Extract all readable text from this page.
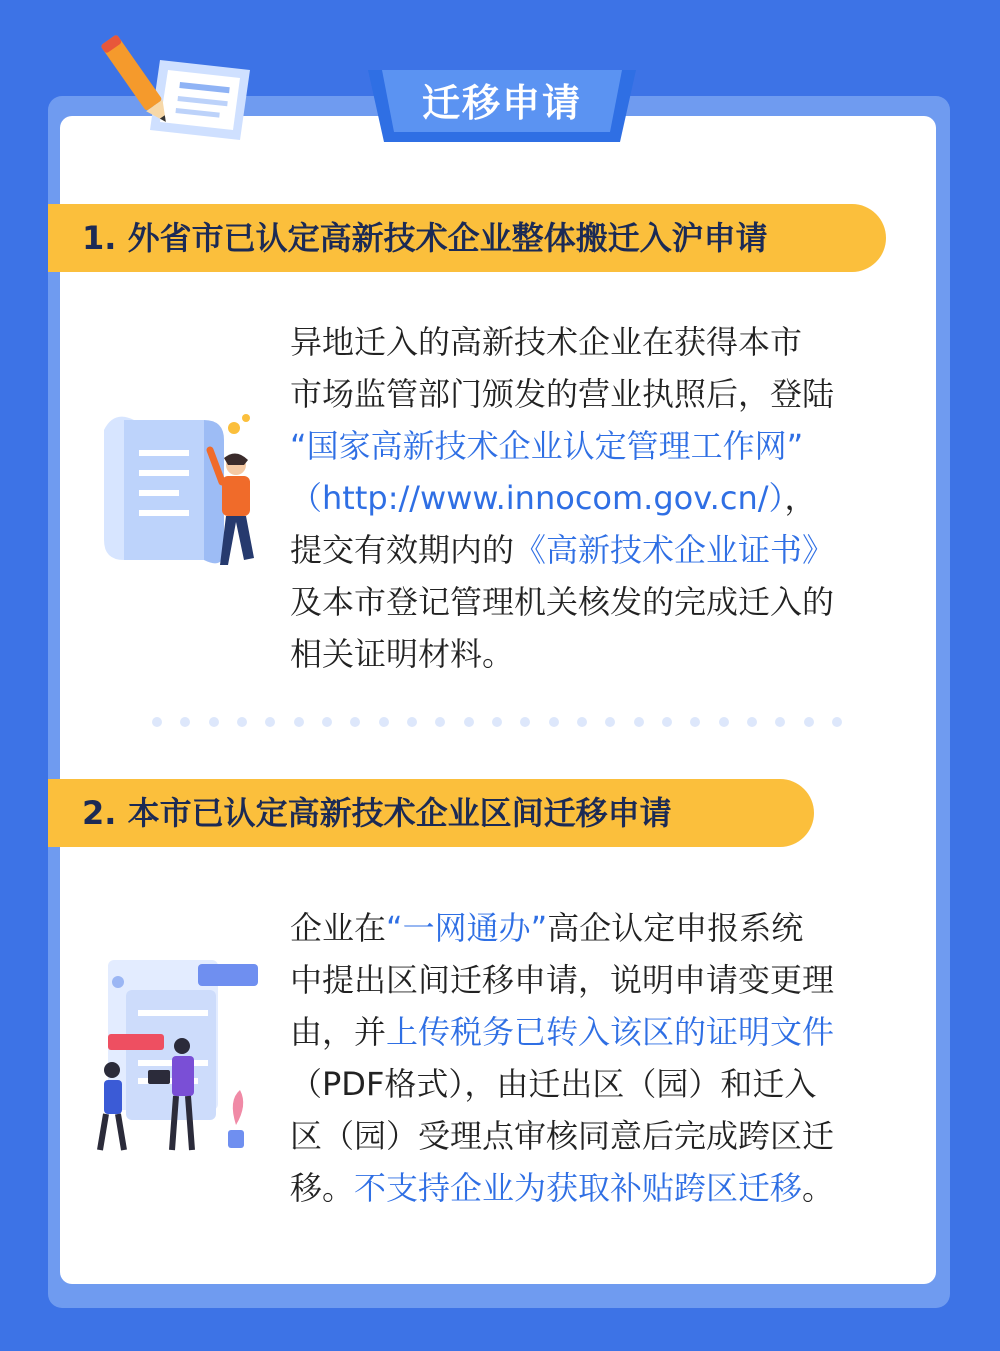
迁移申请
1. 外省市已认定高新技术企业整体搬迁入沪申请
异地迁入的高新技术企业在获得本市
市场监管部门颁发的营业执照后，登陆
“国家高新技术企业认定管理工作网”
（http://www.innocom.gov.cn/），
提交有效期内的《高新技术企业证书》
及本市登记管理机关核发的完成迁入的
相关证明材料。
2. 本市已认定高新技术企业区间迁移申请
企业在“一网通办”高企认定申报系统
中提出区间迁移申请，说明申请变更理
由，并上传税务已转入该区的证明文件
（PDF格式），由迁出区（园）和迁入
区（园）受理点审核同意后完成跨区迁
移。不支持企业为获取补贴跨区迁移。
